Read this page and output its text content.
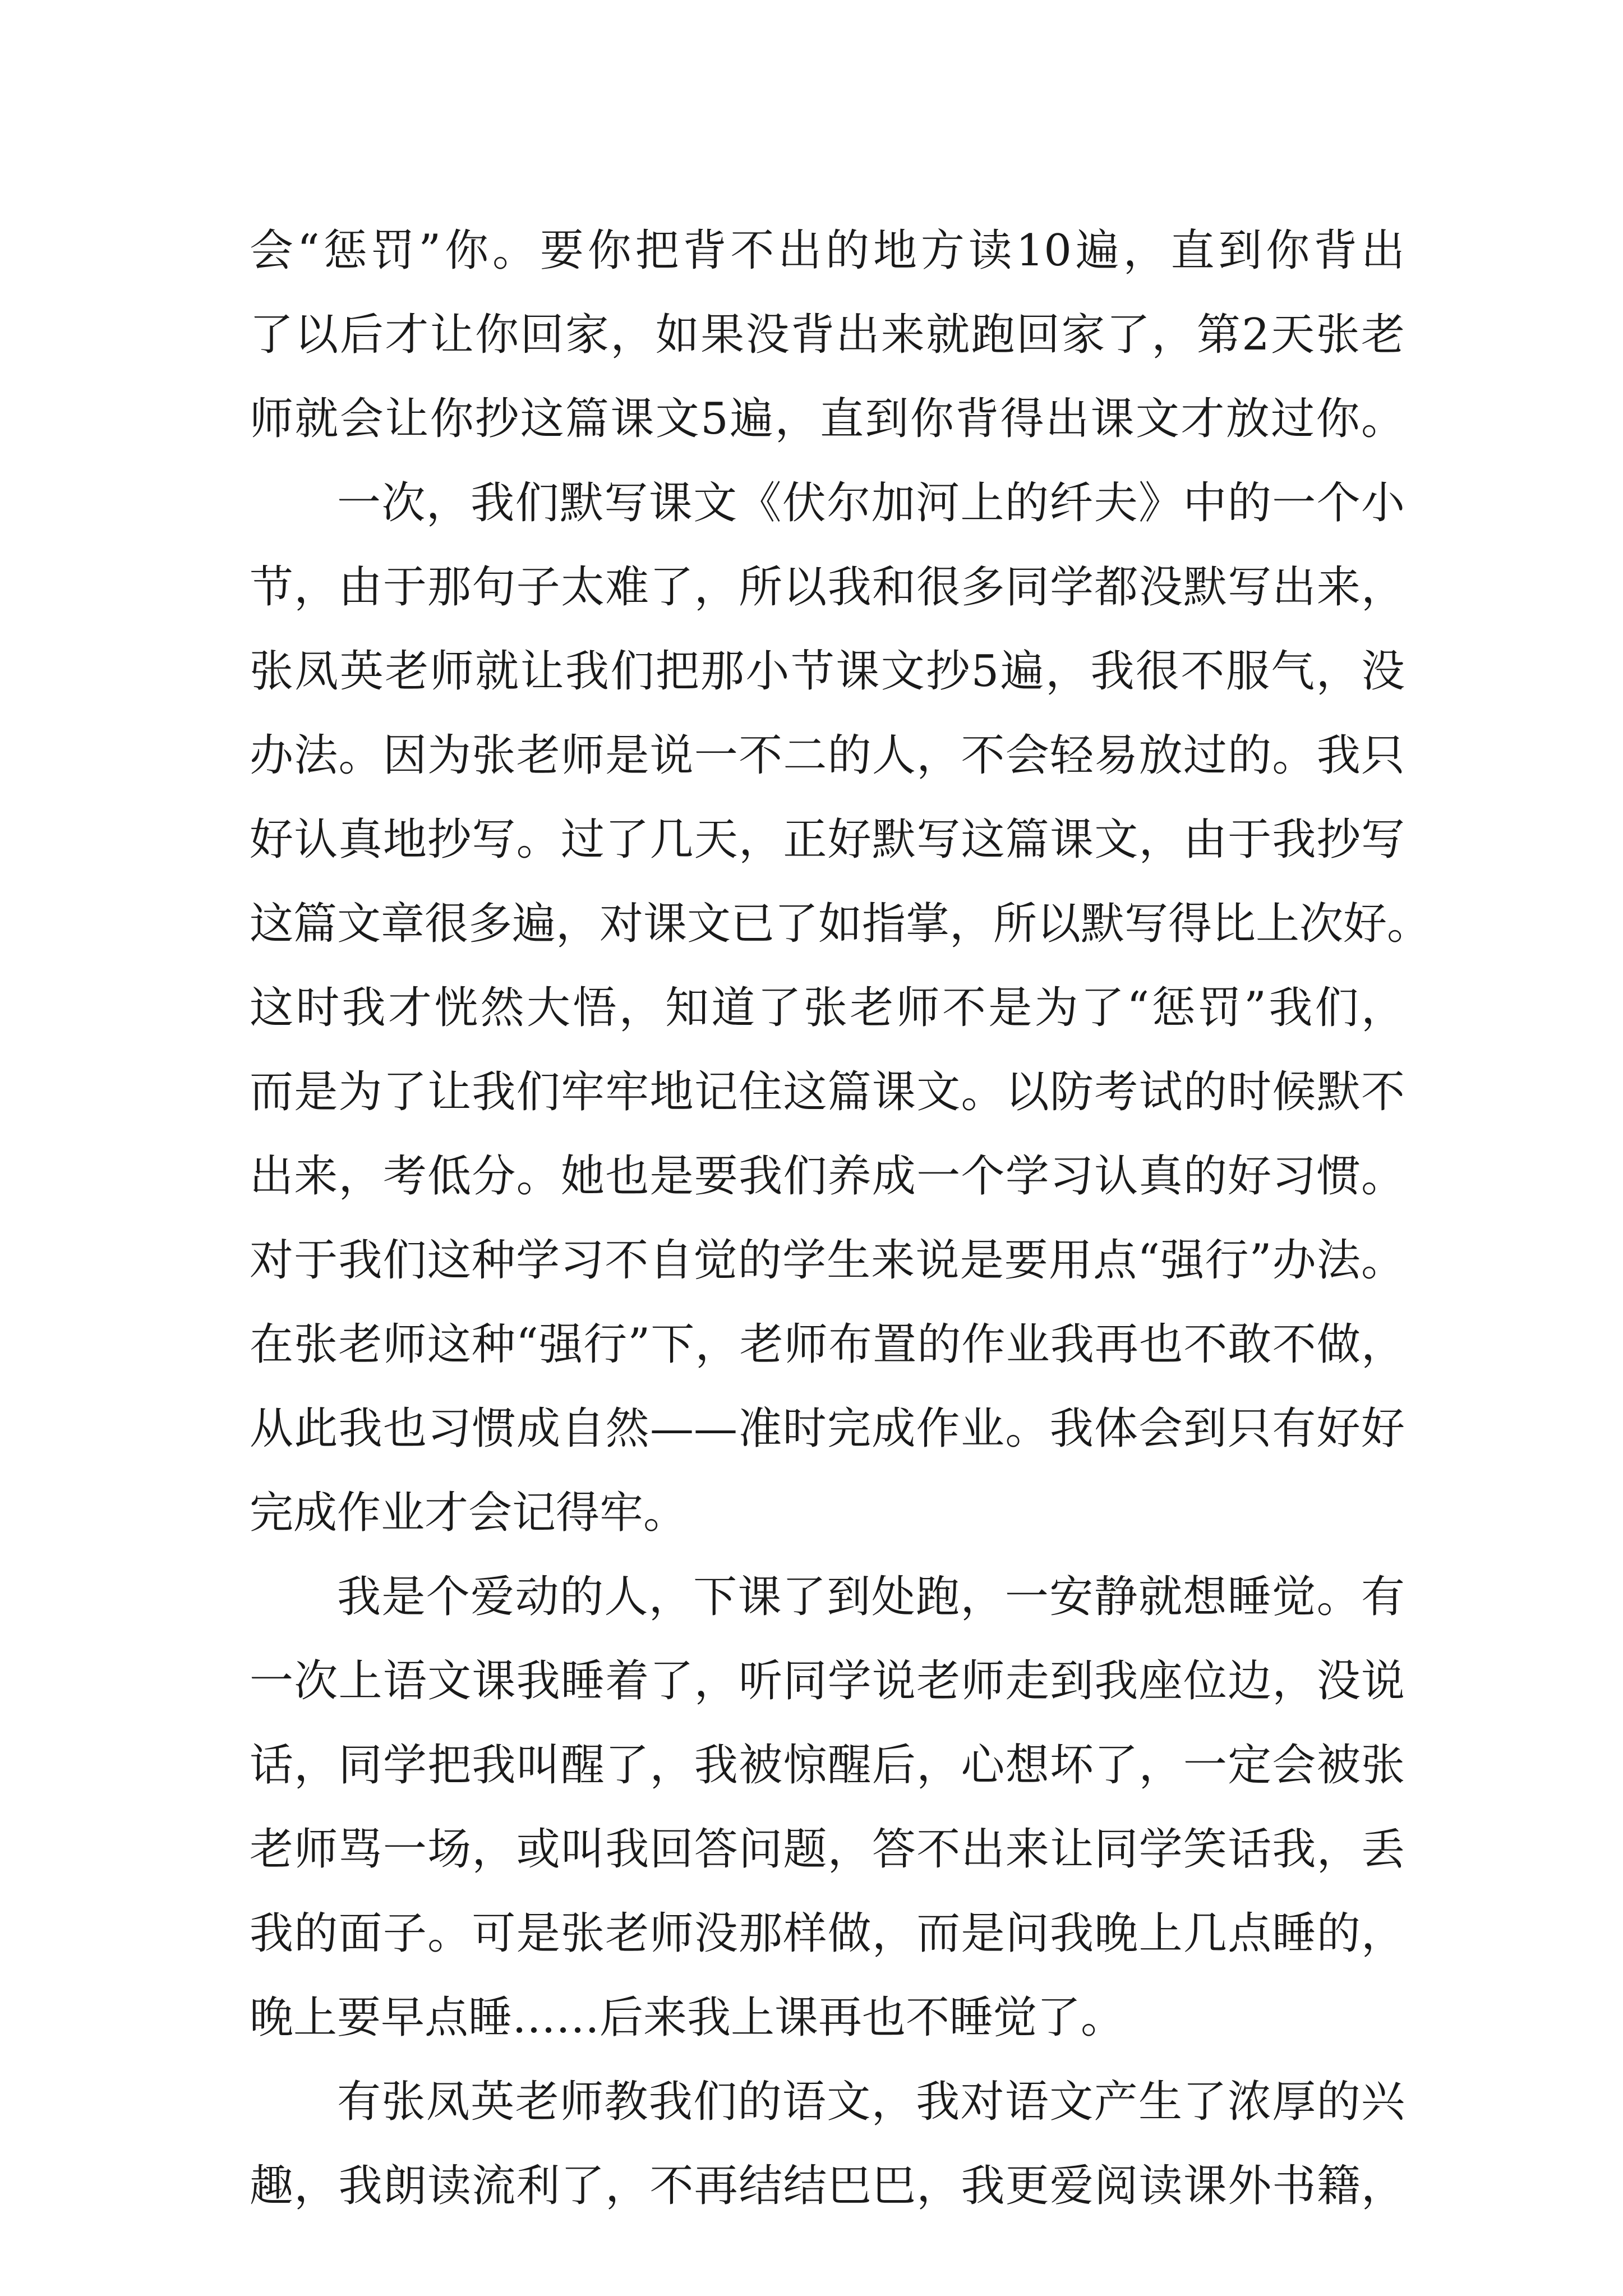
会“惩罚”你。要你把背不出的地方读10遍，直到你背出
了以后才让你回家，如果没背出来就跑回家了，第2天张老
师就会让你抄这篇课文5遍，直到你背得出课文才放过你。
一次，我们默写课文《伏尔加河上的纤夫》中的一个小
节，由于那句子太难了，所以我和很多同学都没默写出来，
张凤英老师就让我们把那小节课文抄5遍，我很不服气，没
办法。因为张老师是说一不二的人，不会轻易放过的。我只
好认真地抄写。过了几天，正好默写这篇课文，由于我抄写
这篇文章很多遍，对课文已了如指掌，所以默写得比上次好。
这时我才恍然大悟，知道了张老师不是为了“惩罚”我们，
而是为了让我们牢牢地记住这篇课文。以防考试的时候默不
出来，考低分。她也是要我们养成一个学习认真的好习惯。
对于我们这种学习不自觉的学生来说是要用点“强行”办法。
在张老师这种“强行”下，老师布置的作业我再也不敢不做，
从此我也习惯成自然——准时完成作业。我体会到只有好好
完成作业才会记得牢。
我是个爱动的人，下课了到处跑，一安静就想睡觉。有
一次上语文课我睡着了，听同学说老师走到我座位边，没说
话，同学把我叫醒了，我被惊醒后，心想坏了，一定会被张
老师骂一场，或叫我回答问题，答不出来让同学笑话我，丢
我的面子。可是张老师没那样做，而是问我晚上几点睡的，
晚上要早点睡……后来我上课再也不睡觉了。
有张凤英老师教我们的语文，我对语文产生了浓厚的兴
趣，我朗读流利了，不再结结巴巴，我更爱阅读课外书籍，
